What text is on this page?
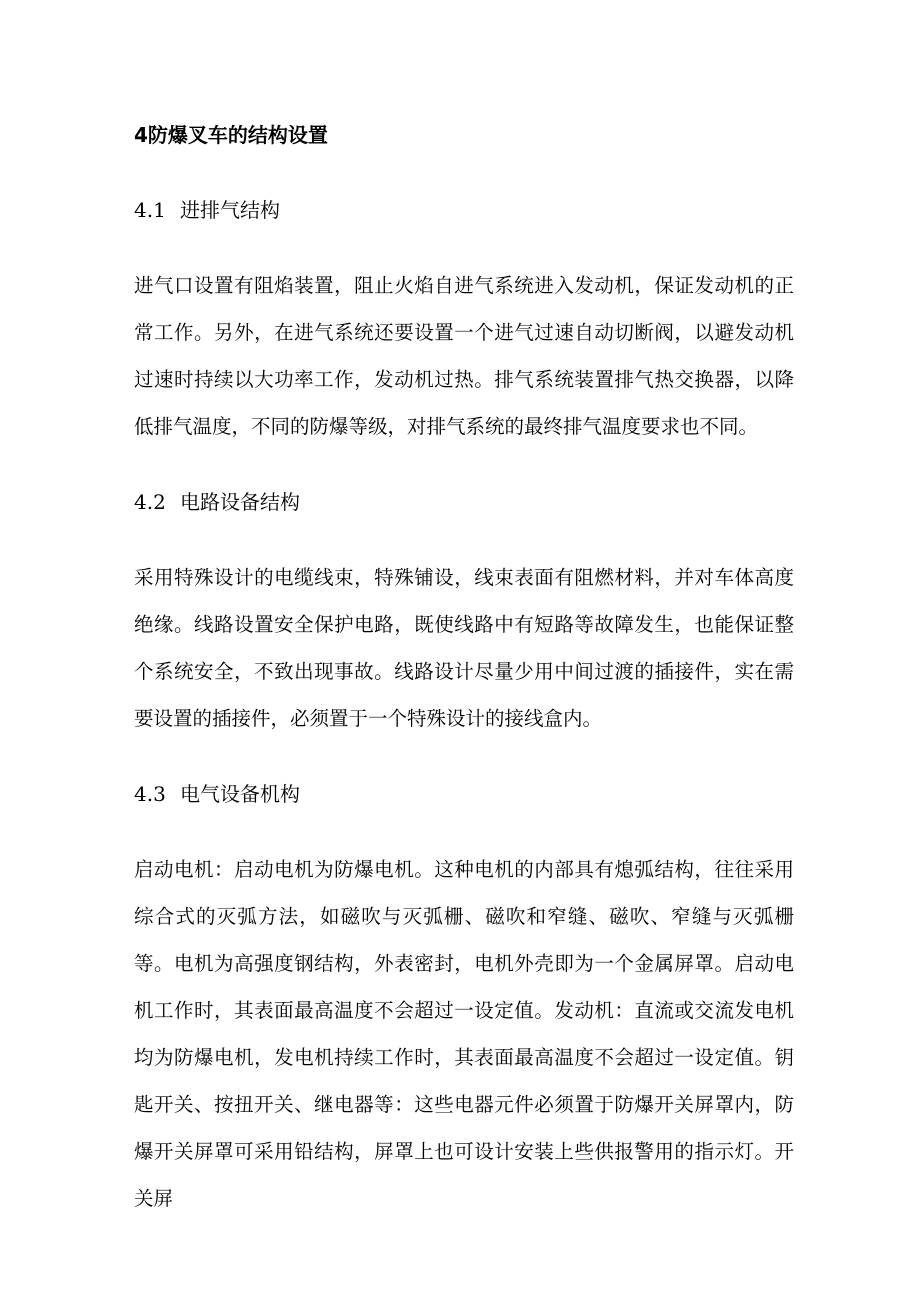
4防爆叉车的结构设置
4.1 进排气结构

进气口设置有阻焰装置，阻止火焰自进气系统进入发动机，保证发动机的正常工作。另外，在进气系统还要设置一个进气过速自动切断阀，以避发动机过速时持续以大功率工作，发动机过热。排气系统装置排气热交换器，以降低排气温度，不同的防爆等级，对排气系统的最终排气温度要求也不同。

4.2 电路设备结构

采用特殊设计的电缆线束，特殊铺设，线束表面有阻燃材料，并对车体高度绝缘。线路设置安全保护电路，既使线路中有短路等故障发生，也能保证整个系统安全，不致出现事故。线路设计尽量少用中间过渡的插接件，实在需要设置的插接件，必须置于一个特殊设计的接线盒内。

4.3 电气设备机构

启动电机：启动电机为防爆电机。这种电机的内部具有熄弧结构，往往采用综合式的灭弧方法，如磁吹与灭弧栅、磁吹和窄缝、磁吹、窄缝与灭弧栅等。电机为高强度钢结构，外表密封，电机外壳即为一个金属屏罩。启动电机工作时，其表面最高温度不会超过一设定值。发动机：直流或交流发电机均为防爆电机，发电机持续工作时，其表面最高温度不会超过一设定值。钥匙开关、按扭开关、继电器等：这些电器元件必须置于防爆开关屏罩内，防爆开关屏罩可采用铅结构，屏罩上也可设计安装上些供报警用的指示灯。开关屏
